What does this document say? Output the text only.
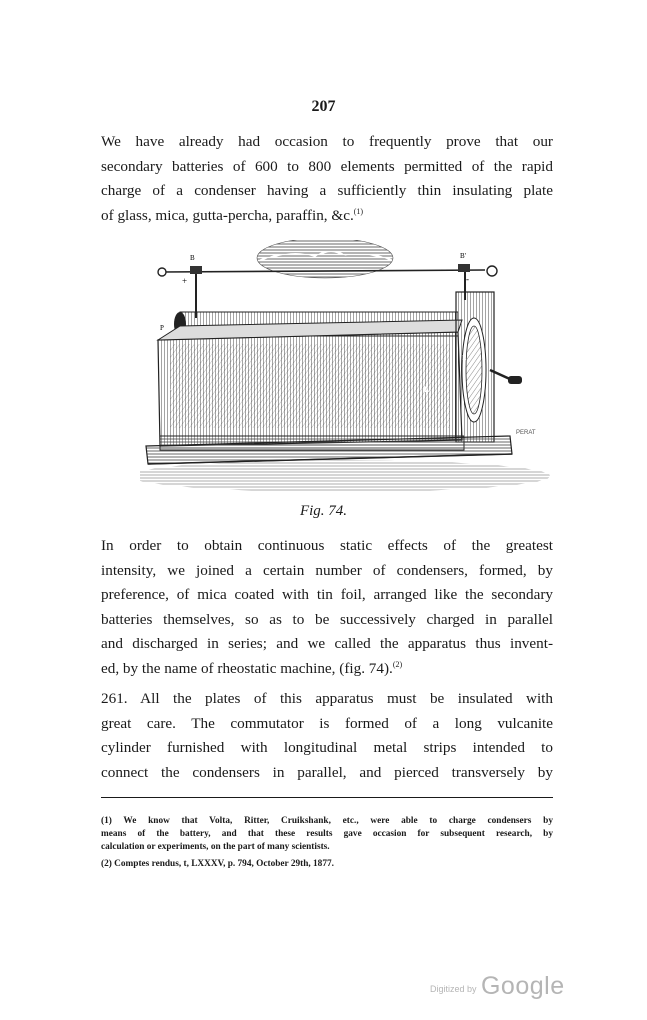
207

We have already had occasion to frequently prove that our
secondary batteries of 600 to 800 elements permitted of the rapid
charge of a condenser having a sufficiently thin insulating plate
of glass, mica, gutta-percha, paraffin, &c.$^{(1)}$

B	B'
+	-
L	L'
P
R
PERAT
Fig. 74.

In order to obtain continuous static effects of the greatest
intensity, we joined a certain number of condensers, formed, by
preference, of mica coated with tin foil, arranged like the secondary
batteries themselves, so as to be successively charged in parallel
and discharged in series; and we called the apparatus thus invent-
ed, by the name of rheostatic machine, (fig. 74).$^{(2)}$

261. All the plates of this apparatus must be insulated with
great care. The commutator is formed of a long vulcanite
cylinder furnished with longitudinal metal strips intended to
connect the condensers in parallel, and pierced transversely by

(1) We know that Volta, Ritter, Cruikshank, etc., were able to charge condensers by
means of the battery, and that these results gave occasion for subsequent research, by
calculation or experiments, on the part of many scientists.

(2) Comptes rendus, t, LXXXV, p. 794, October 29th, 1877.

Digitized by Google
